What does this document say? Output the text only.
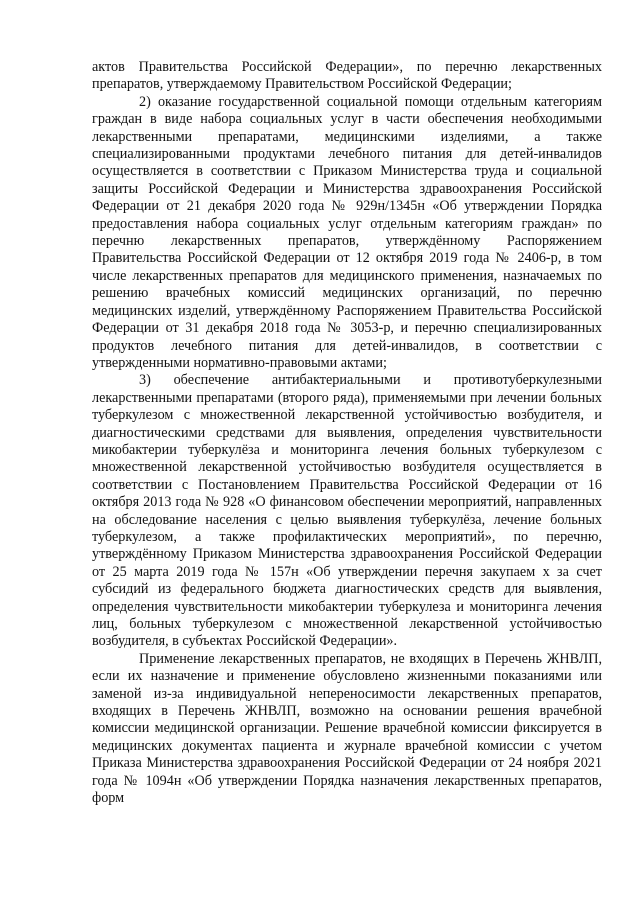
актов Правительства Российской Федерации», по перечню лекарственных препаратов, утверждаемому Правительством Российской Федерации;

2) оказание государственной социальной помощи отдельным категориям граждан в виде набора социальных услуг в части обеспечения необходимыми лекарственными препаратами, медицинскими изделиями, а также специализированными продуктами лечебного питания для детей-инвалидов осуществляется в соответствии с Приказом Министерства труда и социальной защиты Российской Федерации и Министерства здравоохранения Российской Федерации от 21 декабря 2020 года № 929н/1345н «Об утверждении Порядка предоставления набора социальных услуг отдельным категориям граждан» по перечню лекарственных препаратов, утверждённому Распоряжением Правительства Российской Федерации от 12 октября 2019 года № 2406-р, в том числе лекарственных препаратов для медицинского применения, назначаемых по решению врачебных комиссий медицинских организаций, по перечню медицинских изделий, утверждённому Распоряжением Правительства Российской Федерации от 31 декабря 2018 года № 3053-р, и перечню специализированных продуктов лечебного питания для детей-инвалидов, в соответствии с утвержденными нормативно-правовыми актами;

3) обеспечение антибактериальными и противотуберкулезными лекарственными препаратами (второго ряда), применяемыми при лечении больных туберкулезом с множественной лекарственной устойчивостью возбудителя, и диагностическими средствами для выявления, определения чувствительности микобактерии туберкулёза и мониторинга лечения больных туберкулезом с множественной лекарственной устойчивостью возбудителя осуществляется в соответствии с Постановлением Правительства Российской Федерации от 16 октября 2013 года № 928 «О финансовом обеспечении мероприятий, направленных на обследование населения с целью выявления туберкулёза, лечение больных туберкулезом, а также профилактических мероприятий», по перечню, утверждённому Приказом Министерства здравоохранения Российской Федерации от 25 марта 2019 года № 157н «Об утверждении перечня закупаем х за счет субсидий из федерального бюджета диагностических средств для выявления, определения чувствительности микобактерии туберкулеза и мониторинга лечения лиц, больных туберкулезом с множественной лекарственной устойчивостью возбудителя, в субъектах Российской Федерации».

Применение лекарственных препаратов, не входящих в Перечень ЖНВЛП, если их назначение и применение обусловлено жизненными показаниями или заменой из-за индивидуальной непереносимости лекарственных препаратов, входящих в Перечень ЖНВЛП, возможно на основании решения врачебной комиссии медицинской организации. Решение врачебной комиссии фиксируется в медицинских документах пациента и журнале врачебной комиссии с учетом Приказа Министерства здравоохранения Российской Федерации от 24 ноября 2021 года № 1094н «Об утверждении Порядка назначения лекарственных препаратов, форм
